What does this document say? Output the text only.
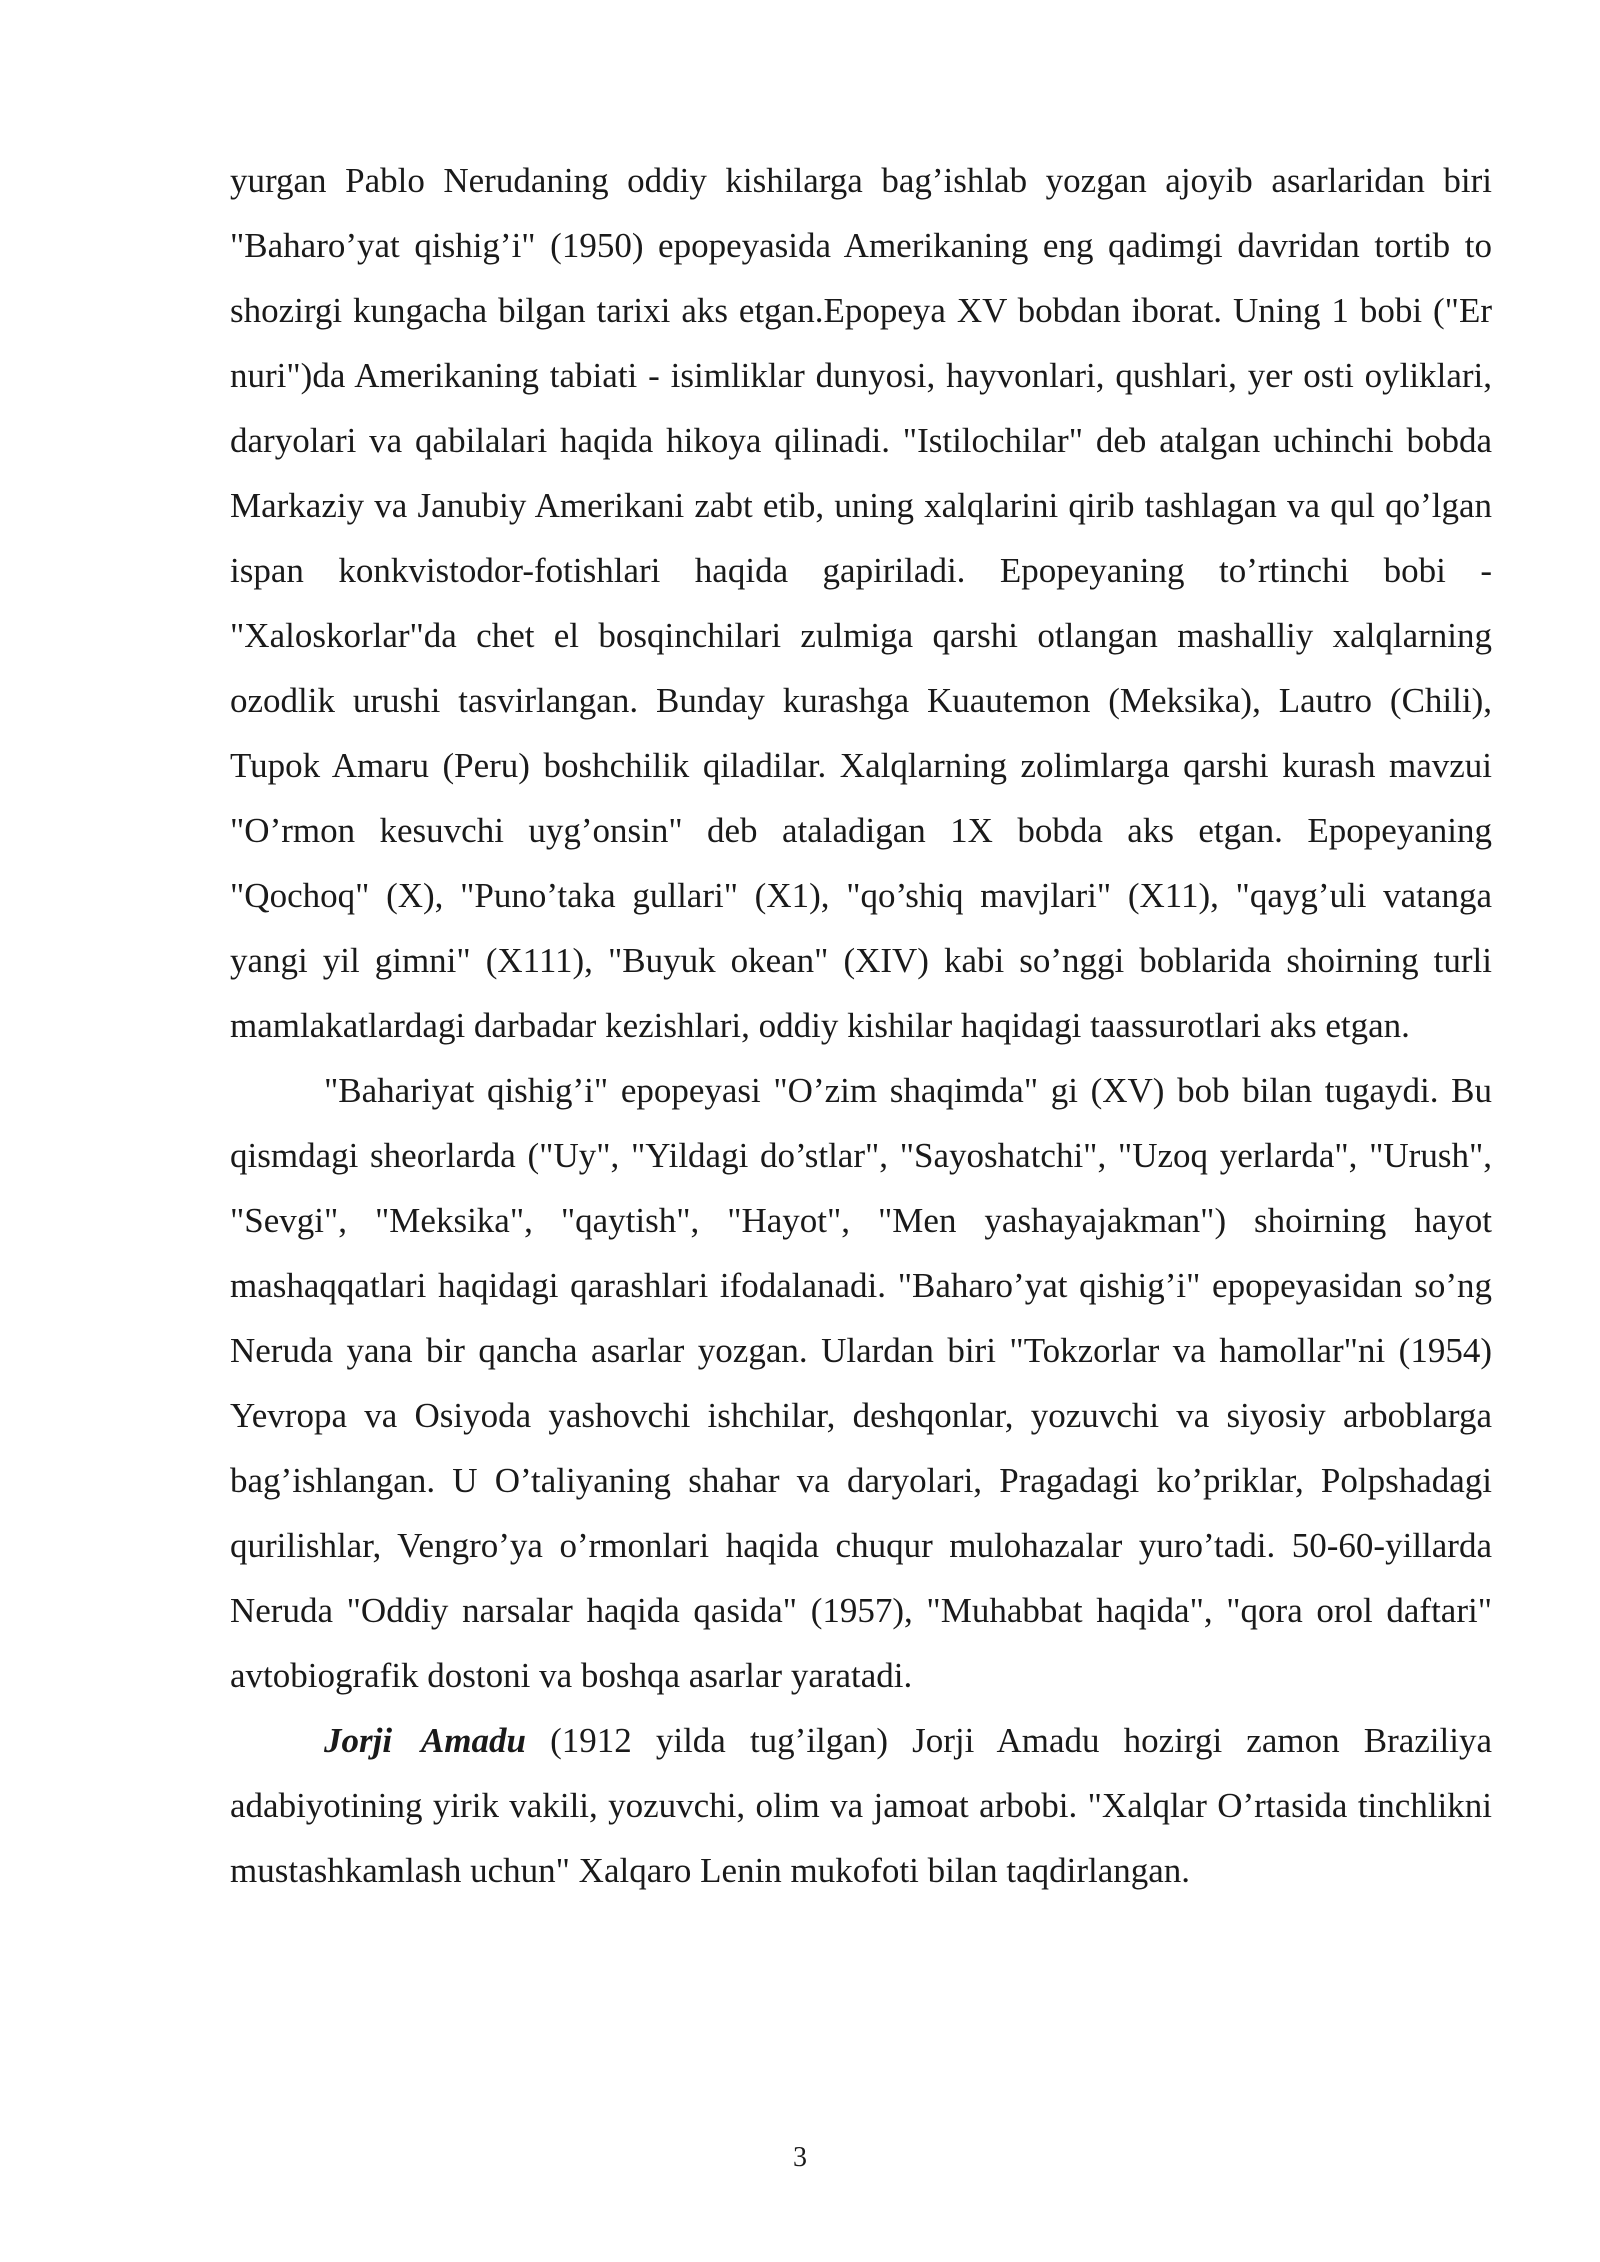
yurgan Pablo Nerudaning oddiy kishilarga bag’ishlab yozgan ajoyib asarlaridan biri "Baharo’yat qishig’i" (1950) epopeyasida Amerikaning eng qadimgi davridan tortib to shozirgi kungacha bilgan tarixi aks etgan.Epopeya XV bobdan iborat. Uning 1 bobi ("Er nuri")da Amerikaning tabiati - isimliklar dunyosi, hayvonlari, qushlari, yer osti oyliklari, daryolari va qabilalari haqida hikoya qilinadi. "Istilochilar" deb atalgan uchinchi bobda Markaziy va Janubiy Amerikani zabt etib, uning xalqlarini qirib tashlagan va qul qo’lgan ispan konkvistodor-fotishlari haqida gapiriladi. Epopeyaning to’rtinchi bobi - "Xaloskorlar"da chet el bosqinchilari zulmiga qarshi otlangan mashalliy xalqlarning ozodlik urushi tasvirlangan. Bunday kurashga Kuautemon (Meksika), Lautro (Chili), Tupok Amaru (Peru) boshchilik qiladilar. Xalqlarning zolimlarga qarshi kurash mavzui "O’rmon kesuvchi uyg’onsin" deb ataladigan 1X bobda aks etgan. Epopeyaning "Qochoq" (X), "Puno’taka gullari" (X1), "qo’shiq mavjlari" (X11), "qayg’uli vatanga yangi yil gimni" (X111), "Buyuk okean" (XIV) kabi so’nggi boblarida shoirning turli mamlakatlardagi darbadar kezishlari, oddiy kishilar haqidagi taassurotlari aks etgan.

"Bahariyat qishig’i" epopeyasi "O’zim shaqimda" gi (XV) bob bilan tugaydi. Bu qismdagi sheorlarda ("Uy", "Yildagi do’stlar", "Sayoshatchi", "Uzoq yerlarda", "Urush", "Sevgi", "Meksika", "qaytish", "Hayot", "Men yashayajakman") shoirning hayot mashaqqatlari haqidagi qarashlari ifodalanadi. "Baharo’yat qishig’i" epopeyasidan so’ng Neruda yana bir qancha asarlar yozgan. Ulardan biri "Tokzorlar va hamollar"ni (1954) Yevropa va Osiyoda yashovchi ishchilar, deshqonlar, yozuvchi va siyosiy arboblarga bag’ishlangan. U O’taliyaning shahar va daryolari, Pragadagi ko’priklar, Polpshadagi qurilishlar, Vengro’ya o’rmonlari haqida chuqur mulohazalar yuro’tadi. 50-60-yillarda Neruda "Oddiy narsalar haqida qasida" (1957), "Muhabbat haqida", "qora orol daftari" avtobiografik dostoni va boshqa asarlar yaratadi.

Jorji Amadu (1912 yilda tug’ilgan) Jorji Amadu hozirgi zamon Braziliya adabiyotining yirik vakili, yozuvchi, olim va jamoat arbobi. "Xalqlar O’rtasida tinchlikni mustashkamlash uchun" Xalqaro Lenin mukofoti bilan taqdirlangan.

3
